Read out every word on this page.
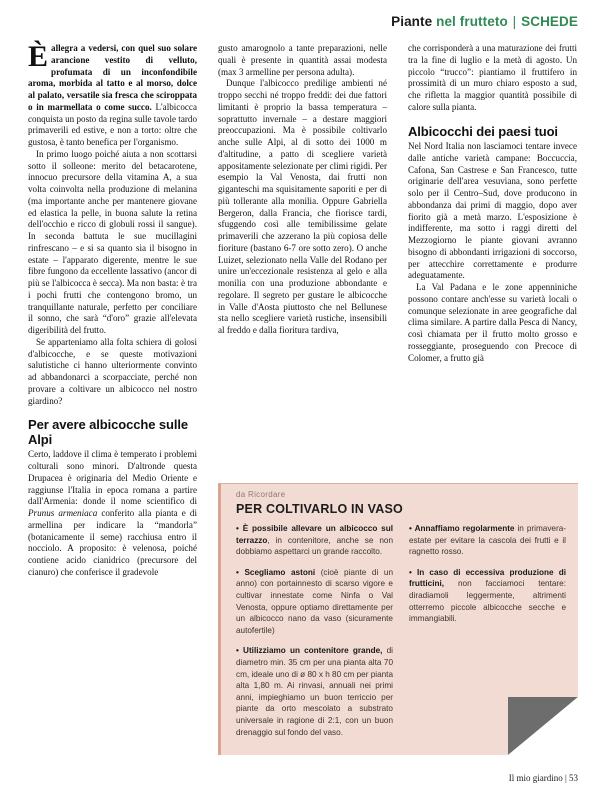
Piante nel frutteto | SCHEDE

Èallegra a vedersi, con quel suo solare arancione vestito di velluto, profumata di un inconfondibile aroma, morbida al tatto e al morso, dolce al palato, versatile sia fresca che sciroppata o in marmellata o come succo. L'albicocca conquista un posto da regina sulle tavole tardo primaverili ed estive, e non a torto: oltre che gustosa, è tanto benefica per l'organismo.

In primo luogo poiché aiuta a non scottarsi sotto il solleone: merito del betacarotene, innocuo precursore della vitamina A, a sua volta coinvolta nella produzione di melanina (ma importante anche per mantenere giovane ed elastica la pelle, in buona salute la retina dell'occhio e ricco di globuli rossi il sangue). In seconda battuta le sue mucillagini rinfrescano – e si sa quanto sia il bisogno in estate – l'apparato digerente, mentre le sue fibre fungono da eccellente lassativo (ancor di più se l'albicocca è secca). Ma non basta: è tra i pochi frutti che contengono bromo, un tranquillante naturale, perfetto per conciliare il sonno, che sarà “d'oro” grazie all'elevata digeribilità del frutto.

Se apparteniamo alla folta schiera di golosi d'albicocche, e se queste motivazioni salutistiche ci hanno ulteriormente convinto ad abbandonarci a scorpacciate, perché non provare a coltivare un albicocco nel nostro giardino?

Per avere albicocche sulle Alpi

Certo, laddove il clima è temperato i problemi colturali sono minori. D'altronde questa Drupacea è originaria del Medio Oriente e raggiunse l'Italia in epoca romana a partire dall'Armenia: donde il nome scientifico di Prunus armeniaca conferito alla pianta e di armellina per indicare la “mandorla” (botanicamente il seme) racchiusa entro il nocciolo. A proposito: è velenosa, poiché contiene acido cianidrico (precursore del cianuro) che conferisce il gradevole

gusto amarognolo a tante preparazioni, nelle quali è presente in quantità assai modesta (max 3 armelline per persona adulta).

Dunque l'albicocco predilige ambienti né troppo secchi né troppo freddi: dei due fattori limitanti è proprio la bassa temperatura – soprattutto invernale – a destare maggiori preoccupazioni. Ma è possibile coltivarlo anche sulle Alpi, al di sotto dei 1000 m d'altitudine, a patto di scegliere varietà appositamente selezionate per climi rigidi. Per esempio la Val Venosta, dai frutti non giganteschi ma squisitamente saporiti e per di più tollerante alla monilia. Oppure Gabriella Bergeron, dalla Francia, che fiorisce tardi, sfuggendo così alle temibilissime gelate primaverili che azzerano la più copiosa delle fioriture (bastano 6-7 ore sotto zero). O anche Luizet, selezionato nella Valle del Rodano per unire un'eccezionale resistenza al gelo e alla monilia con una produzione abbondante e regolare. Il segreto per gustare le albicocche in Valle d'Aosta piuttosto che nel Bellunese sta nello scegliere varietà rustiche, insensibili al freddo e dalla fioritura tardiva,

che corrisponderà a una maturazione dei frutti tra la fine di luglio e la metà di agosto. Un piccolo “trucco”: piantiamo il fruttifero in prossimità di un muro chiaro esposto a sud, che rifletta la maggior quantità possibile di calore sulla pianta.

Albicocchi dei paesi tuoi

Nel Nord Italia non lasciamoci tentare invece dalle antiche varietà campane: Boccuccia, Cafona, San Castrese e San Francesco, tutte originarie dell'area vesuviana, sono perfette solo per il Centro–Sud, dove producono in abbondanza dai primi di maggio, dopo aver fiorito già a metà marzo. L'esposizione è indifferente, ma sotto i raggi diretti del Mezzogiorno le piante giovani avranno bisogno di abbondanti irrigazioni di soccorso, per attecchire correttamente e produrre adeguatamente.

La Val Padana e le zone appenniniche possono contare anch'esse su varietà locali o comunque selezionate in aree geografiche dal clima similare. A partire dalla Pesca di Nancy, così chiamata per il frutto molto grosso e rosseggiante, proseguendo con Precoce di Colomer, a frutto già

da Ricordare
PER COLTIVARLO IN VASO

• È possibile allevare un albicocco sul terrazzo, in contenitore, anche se non dobbiamo aspettarci un grande raccolto.

• Scegliamo astoni (cioè piante di un anno) con portainnesto di scarso vigore e cultivar innestate come Ninfa o Val Venosta, oppure optiamo direttamente per un albicocco nano da vaso (sicuramente autofertile)

• Utilizziamo un contenitore grande, di diametro min. 35 cm per una pianta alta 70 cm, ideale uno di ø 80 x h 80 cm per pianta alta 1,80 m. Ai rinvasi, annuali nei primi anni, impieghiamo un buon terriccio per piante da orto mescolato a substrato universale in ragione di 2:1, con un buon drenaggio sul fondo del vaso.

• Annaffiamo regolarmente in primavera-estate per evitare la cascola dei frutti e il ragnetto rosso.

• In caso di eccessiva produzione di frutticini, non facciamoci tentare: diradiamoli leggermente, altrimenti otterremo piccole albicocche secche e immangiabili.

Il mio giardino | 53
